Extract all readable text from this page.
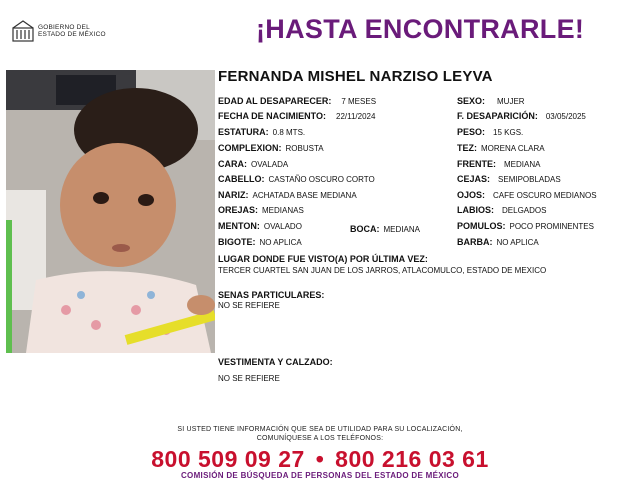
GOBIERNO DEL
ESTADO DE MÉXICO	¡HASTA ENCONTRARLE!
FERNANDA MISHEL NARZISO LEYVA
EDAD AL DESAPARECER: 7 MESES
FECHA DE NACIMIENTO: 22/11/2024
ESTATURA: 0.8 MTS.
COMPLEXION: ROBUSTA
CARA: OVALADA
CABELLO: CASTAÑO OSCURO CORTO
NARIZ: ACHATADA BASE MEDIANA
OREJAS: MEDIANAS
MENTON: OVALADO	BOCA: MEDIANA
BIGOTE: NO APLICA
SEXO: MUJER
F. DESAPARICIÓN: 03/05/2025
PESO: 15 KGS.
TEZ: MORENA CLARA
FRENTE: MEDIANA
CEJAS: SEMIPOBLADAS
OJOS: CAFE OSCURO MEDIANOS
LABIOS: DELGADOS
POMULOS: POCO PROMINENTES
BARBA: NO APLICA
LUGAR DONDE FUE VISTO(A) POR ÚLTIMA VEZ:
TERCER CUARTEL SAN JUAN DE LOS JARROS, ATLACOMULCO, ESTADO DE MEXICO
SENAS PARTICULARES:
NO SE REFIERE
VESTIMENTA Y CALZADO:
NO SE REFIERE
SI USTED TIENE INFORMACIÓN QUE SEA DE UTILIDAD PARA SU LOCALIZACIÓN,
COMUNÍQUESE A LOS TELÉFONOS:
800 509 09 27 • 800 216 03 61
COMISIÓN DE BÚSQUEDA DE PERSONAS DEL ESTADO DE MÉXICO
